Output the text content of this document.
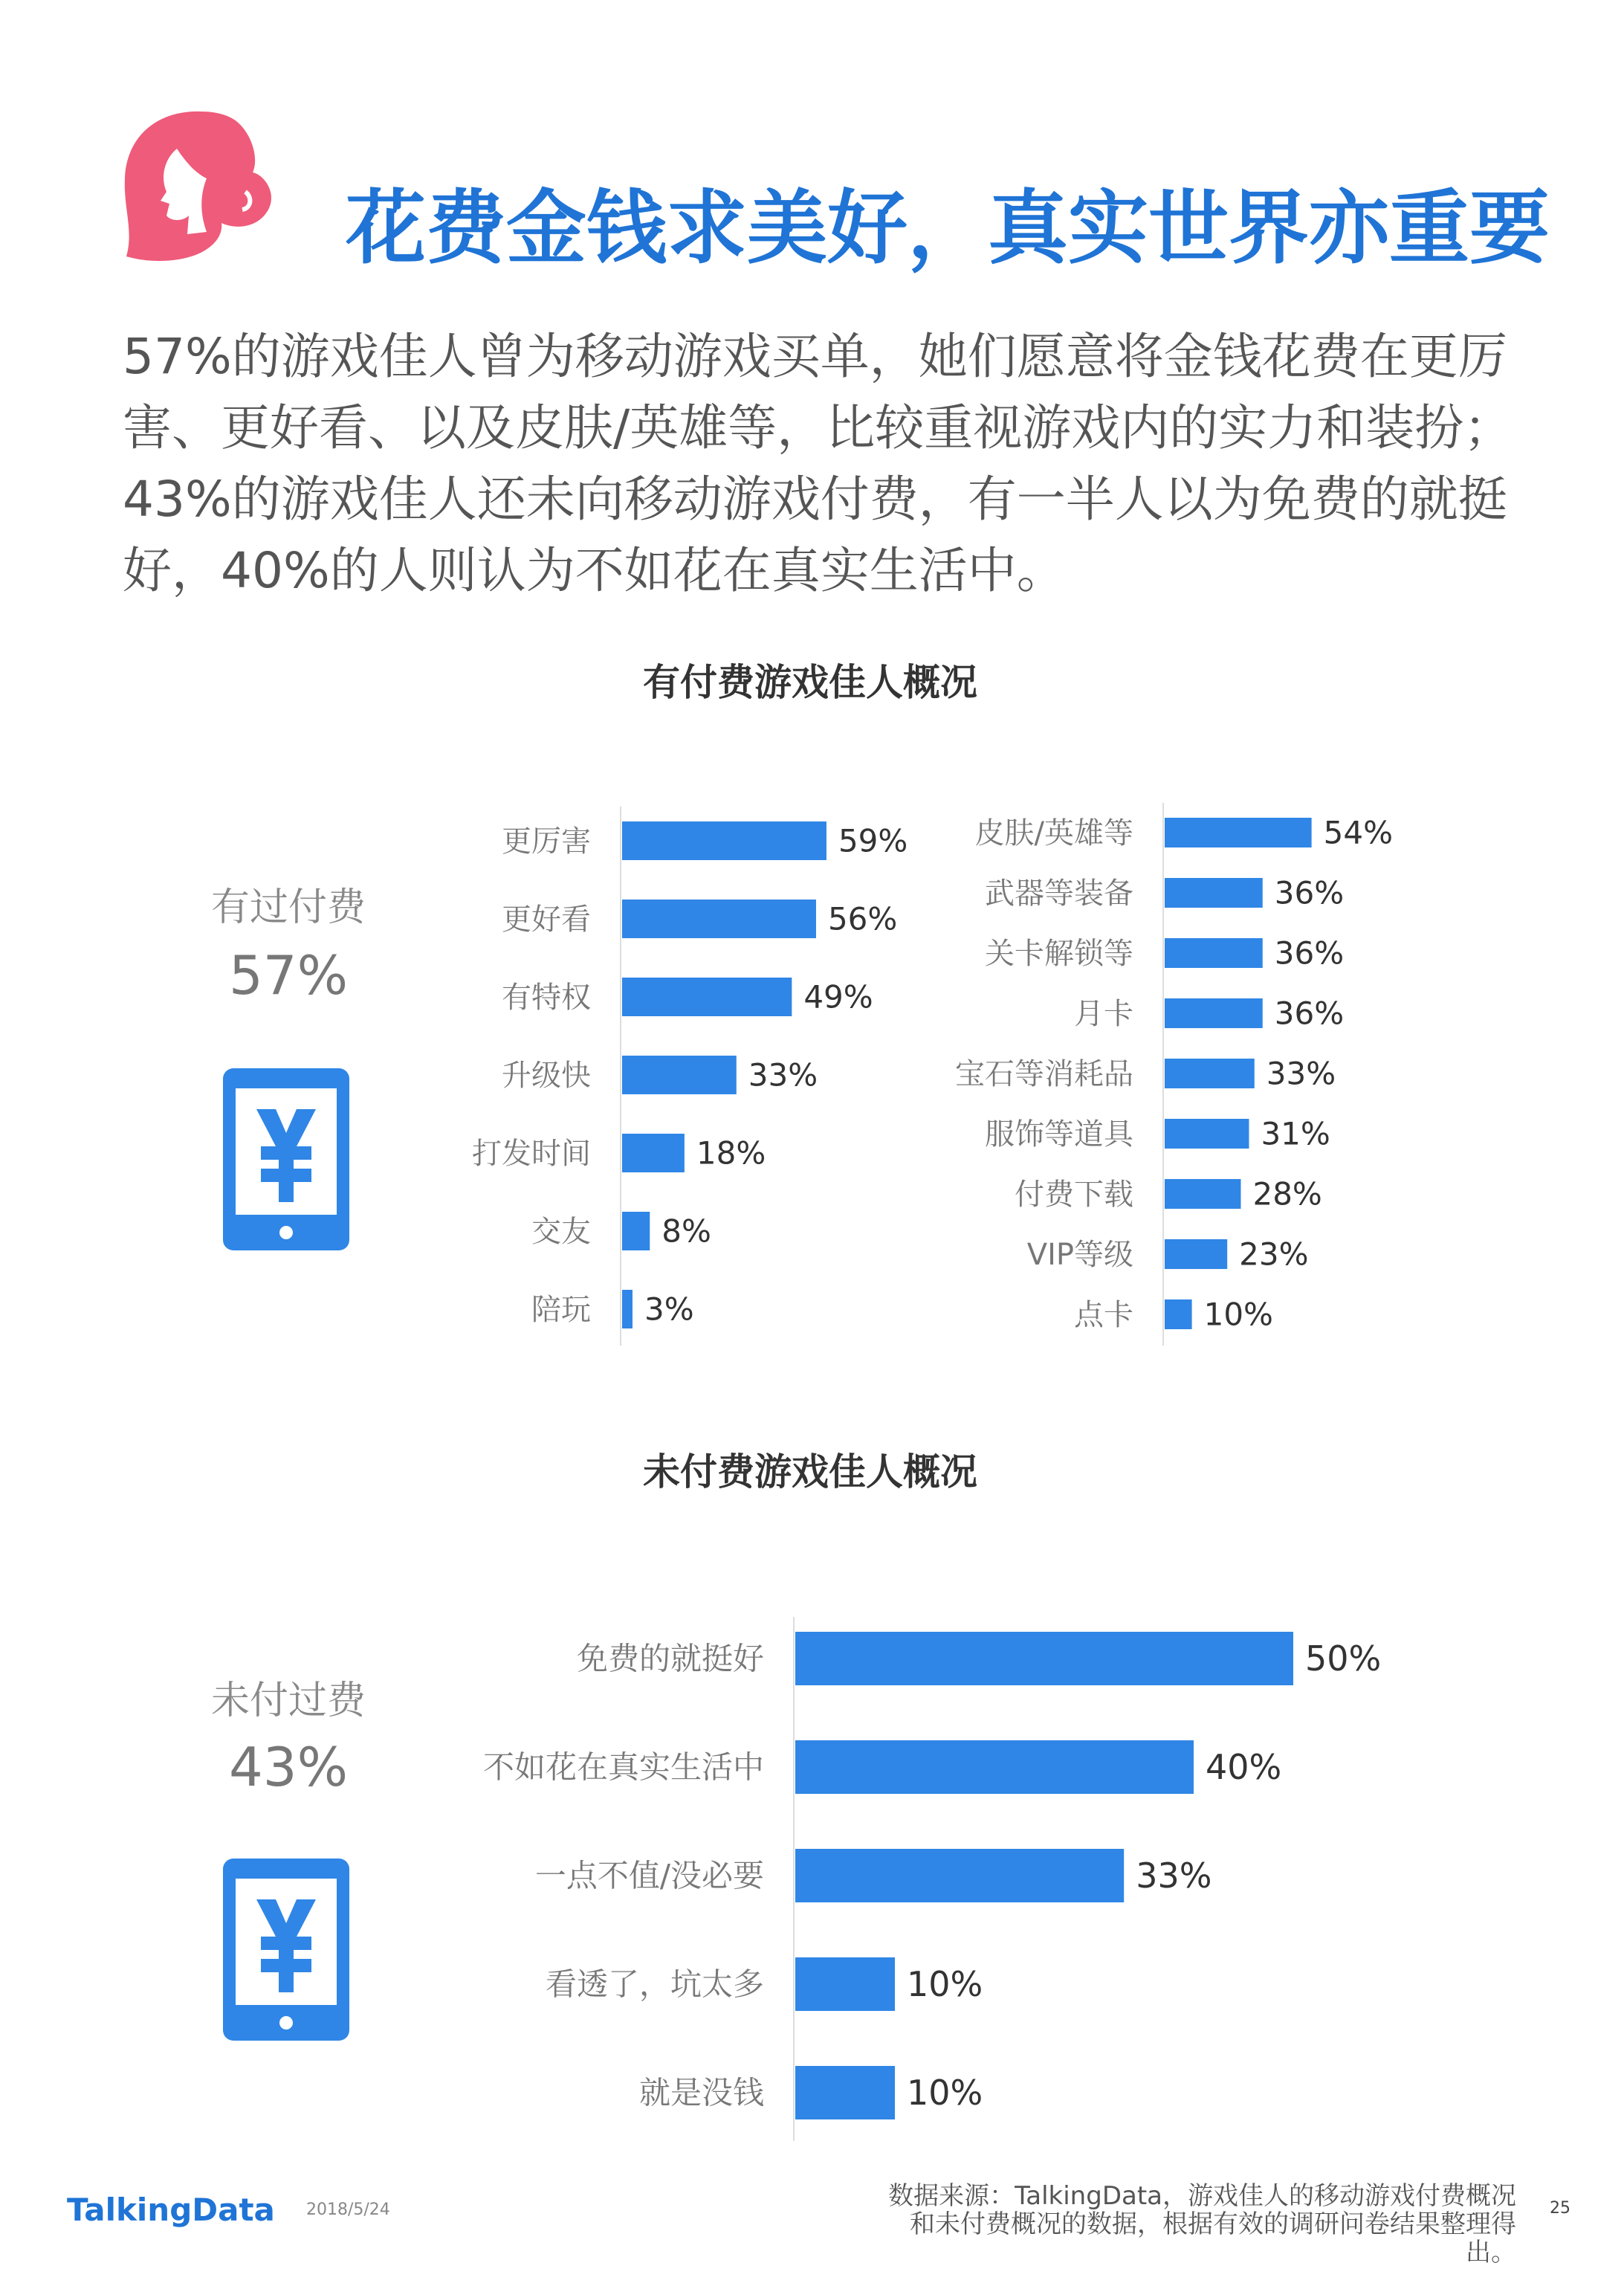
花费金钱求美好，真实世界亦重要
57%的游戏佳人曾为移动游戏买单，她们愿意将金钱花费在更厉害、更好看、以及皮肤/英雄等，比较重视游戏内的实力和装扮；43%的游戏佳人还未向移动游戏付费，有一半人以为免费的就挺好，40%的人则认为不如花在真实生活中。
有付费游戏佳人概况
有过付费
57%
更厉害	59%
更好看	56%
有特权	49%
升级快	33%
打发时间	18%
交友 8%
陪玩 3%
皮肤/英雄等	54%
武器等装备	36%
关卡解锁等	36%
月卡	36%
宝石等消耗品	33%
服饰等道具	31%
付费下载	28%
VIP等级	23%
点卡 10%
未付费游戏佳人概况
未付过费
43%
免费的就挺好	50%
不如花在真实生活中	40%
一点不值/没必要	33%
看透了，坑太多	10%
就是没钱	10%
TalkingData 2018/5/24	数据来源：TalkingData，游戏佳人的移动游戏付费概况和未付费概况的数据，根据有效的调研问卷结果整理得出。
25
